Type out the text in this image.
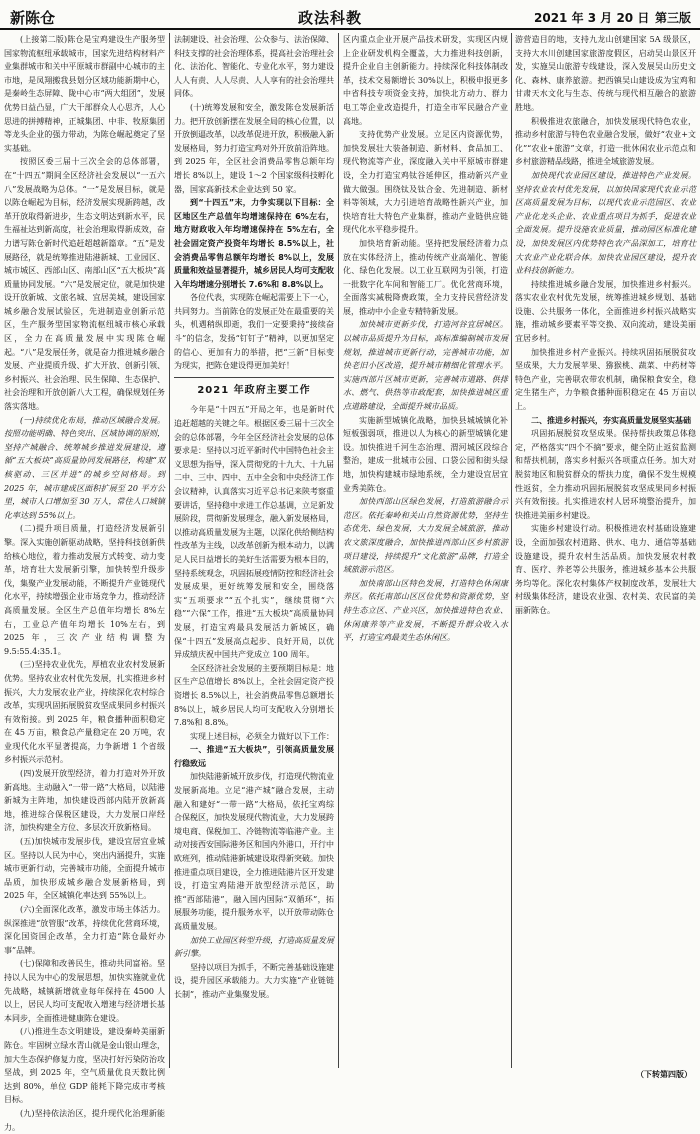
新陈仓	政法科教	2021 年 3 月 20 日 第三版

(上接第二版)陈仓是宝鸡建设生产服务型国家物流枢纽承载城市，国家先进结构材料产业集群城市和关中平原城市群副中心城市的主市地，是凤翔搬我县划分区域功能新期中心，是秦岭生态屏障、陇中心市“两大组团”，发展优势日益凸显，广大干部群众人心思齐，人心思进的拼搏精神，正城集团、中非、牧原集团等龙头企业的强力带动，为陈仓崛起奠定了坚实基础。

按照区委三届十三次全会的总体部署，在“十四五”期间全区经济社会发展以“一五六八”发展战略为总体。“一”是发展目标，就是以陈仓崛起为目标，经济发展实现新跨越，改革开放取得新进步，生态文明达到新水平，民生福祉达到新高度，社会治理取得新成效，奋力谱写陈仓新时代追赶超越新篇章。“五”是发展路径，就是统筹推进陆港新城、工业园区、城市城区、西部山区、南部山区“五大板块”高质量协同发展。“六”是发展定位，就是加快建设开放新城、文旅名城、宜居美城，建设国家城乡融合发展试验区，先进制造业创新示范区，生产服务型国家物流枢纽城市核心承载区，全力在高质量发展中实现陈仓崛起。“八”是发展任务，就是奋力推进城乡融合发展、产业提质升级、扩大开放、创新引领、乡村振兴、社会治理、民生保障、生态保护、社会治理和开放创新八大工程，确保规划任务落实落地。

(一)持续优化布局，推动区域融合发展。按照功能明确、特色突出、区域协调的原则，坚持产城融合、统筹城乡推进发展建设，遵循“五大板块”高质量协同发展路径，构建“双核驱动、三区并进”的城乡空间格局。到 2025 年，城市建成区面积扩展至 20 平方公里，城市人口增加至 30 万人，常住人口城镇化率达到 55%以上。

(二)提升项目质量，打造经济发展新引擎。深入实施创新驱动战略，坚持科技创新供给核心地位，着力推动发展方式转变、动力变革，培育壮大发展新引擎，加快转型升级步伐，集聚产业发展动能，不断提升产业链现代化水平，持续增强企业市场竞争力，推动经济高质量发展。全区生产总值年均增长 8%左右，工业总产值年均增长 10%左右，到 2025 年，三次产业结构调整为 9.5:55.4:35.1。

(三)坚持农业优先，厚植农业农村发展新优势。坚持农业农村优先发展，扎实推进乡村振兴，大力发展农业产业，持续深化农村综合改革，实现巩固拓展脱贫攻坚成果同乡村振兴有效衔接。到 2025 年，粮食播种面积稳定在 45 万亩，粮食总产量稳定在 20 万吨，农业现代化水平显著提高，力争新增 1 个省级乡村振兴示范村。

(四)发展开放型经济，着力打造对外开放新高地。主动融入“一带一路”大格局，以陆港新城为主阵地，加快建设西部内陆开放新高地，推进综合保税区建设，大力发展口岸经济，加快构建全方位、多层次开放新格局。

(五)加快城市发展步伐，建设宜居宜业城区。坚持以人民为中心，突出内涵提升，实施城市更新行动，完善城市功能，全面提升城市品质，加快形成城乡融合发展新格局，到 2025 年，全区城镇化率达到 55%以上。

(六)全面深化改革，激发市场主体活力。纵深推进“放管服”改革，持续优化营商环境，深化国资国企改革，全力打造“陈仓最好办事”品牌。

(七)保障和改善民生，推动共同富裕。坚持以人民为中心的发展思想，加快实施就业优先战略，城镇新增就业每年保持在 4500 人以上，居民人均可支配收入增速与经济增长基本同步，全面推进健康陈仓建设。

(八)推进生态文明建设，建设秦岭美丽新陈仓。牢固树立绿水青山就是金山银山理念，加大生态保护修复力度，坚决打好污染防治攻坚战，到 2025 年，空气质量优良天数比例达到 80%，单位 GDP 能耗下降完成市考核目标。

(九)坚持依法治区，提升现代化治理新能力。

法制建设、社会治理、公众参与、法治保障、科技支撑的社会治理体系，提高社会治理社会化、法治化、智能化、专业化水平，努力建设人人有责、人人尽责、人人享有的社会治理共同体。

(十)统筹发展和安全，激发陈仓发展新活力。把开放创新摆在发展全局的核心位置，以开放倒逼改革，以改革促进开放，积极融入新发展格局，努力打造宝鸡对外开放前沿阵地。到 2025 年，全区社会消费品零售总额年均增长 8%以上，建设 1～2 个国家级科技孵化器，国家高新技术企业达到 50 家。

到“十四五”末，力争实现以下目标：全区地区生产总值年均增速保持在 6%左右，地方财政收入年均增速保持在 5%左右，全社会固定资产投资年均增长 8.5%以上，社会消费品零售总额年均增长 8%以上，发展质量和效益显著提升，城乡居民人均可支配收入年均增速分别增长 7.6%和 8.8%以上。

各位代表，实现陈仓崛起需要上下一心，共同努力。当前陈仓的发展正处在最重要的关头，机遇稍纵即逝，我们一定要秉持“接续奋斗”的信念，发扬“钉钉子”精神，以更加坚定的信心、更加有力的举措，把“三新”目标变为现实，把陈仓建设得更加美好！

2021 年政府主要工作

今年是“十四五”开局之年，也是新时代追赶超越的关键之年。根据区委三届十三次全会的总体部署，今年全区经济社会发展的总体要求是：坚持以习近平新时代中国特色社会主义思想为指导，深入贯彻党的十九大、十九届二中、三中、四中、五中全会和中央经济工作会议精神，认真落实习近平总书记来陕考察重要讲话，坚持稳中求进工作总基调，立足新发展阶段，贯彻新发展理念，融入新发展格局，以推动高质量发展为主题，以深化供给侧结构性改革为主线，以改革创新为根本动力，以满足人民日益增长的美好生活需要为根本目的，坚持系统观念，巩固拓展疫情防控和经济社会发展成果，更好统筹发展和安全，围绕落实“五项要求”“五个扎实”，继续贯彻“六稳”“六保”工作，推进“五大板块”高质量协同发展，打造宝鸡最具发展活力新城区，确保“十四五”发展高点起步、良好开局，以优异成绩庆祝中国共产党成立 100 周年。

全区经济社会发展的主要预期目标是：地区生产总值增长 8%以上，全社会固定资产投资增长 8.5%以上，社会消费品零售总额增长 8%以上，城乡居民人均可支配收入分别增长 7.8%和 8.8%。

实现上述目标，必须全力做好以下工作：

一、推进“五大板块”，引领高质量发展行稳致远

加快陆港新城开放步伐，打造现代物流业发展新高地。立足“港产城”融合发展，主动融入和建好“一带一路”大格局，依托宝鸡综合保税区，加快发展现代物流业，大力发展跨境电商、保税加工、冷链物流等临港产业。主动对接西安国际港务区和国内外港口，开行中欧班列，推动陆港新城建设取得新突破。加快推进重点项目建设，全力推进陆港片区开发建设，打造宝鸡陆港开放型经济示范区，助推“西部陆港”，融入国内国际“双循环”，拓展服务功能，提升服务水平，以开放带动陈仓高质量发展。

加快工业园区转型升级，打造高质量发展新引擎。

坚持以项目为抓手，不断完善基础设施建设，提升园区承载能力。大力实施“产业链链长制”，推动产业集聚发展。

区内重点企业开展产品技术研发，实现区内规上企业研发机构全覆盖，大力推进科技创新，提升企业自主创新能力。持续深化科技体制改革，技术交易额增长 30%以上，积极申报更多中省科技专项资金支持，加快北方动力、群力电工等企业改造提升，打造全市军民融合产业高地。

支持优势产业发展。立足区内资源优势，加快发展壮大装备制造、新材料、食品加工、现代物流等产业，深度融入关中平原城市群建设，全力打造宝鸡钛谷延伸区，推动新兴产业做大做强。围绕钛及钛合金、先进制造、新材料等领域，大力引进培育战略性新兴产业，加快培育壮大特色产业集群，推动产业链供应链现代化水平稳步提升。

加快培育新动能。坚持把发展经济着力点放在实体经济上，推动传统产业高端化、智能化、绿色化发展。以工业互联网为引领，打造一批数字化车间和智能工厂。优化营商环境，全面落实减税降费政策，全力支持民营经济发展，推动中小企业专精特新发展。

加快城市更新步伐，打造河谷宜居城区。以城市品质提升为目标，高标准编制城市发展规划，推进城市更新行动，完善城市功能，加快老旧小区改造，提升城市精细化管理水平。实施西部片区城市更新，完善城市道路、供排水、燃气、供热等市政配套，加快推进城区重点道路建设，全面提升城市品质。

实施新型城镇化战略，加快县城城镇化补短板强弱项，推进以人为核心的新型城镇化建设。加快推进千河生态治理、渭河城区段综合整治，建成一批城市公园、口袋公园和街头绿地，加快构建城市绿地系统，全力建设宜居宜业秀美陈仓。

加快西部山区绿色发展，打造旅游融合示范区。依托秦岭和关山自然资源优势，坚持生态优先、绿色发展，大力发展全域旅游，推动农文旅深度融合，加快推进西部山区乡村旅游项目建设，持续提升“文化旅游”品牌，打造全域旅游示范区。

加快南部山区特色发展，打造特色休闲康养区。依托南部山区区位优势和资源优势，坚持生态立区、产业兴区，加快推进特色农业、休闲康养等产业发展，不断提升群众收入水平，打造宝鸡最美生态休闲区。

游营造目的地，支持九龙山创建国家 5A 级景区，支持大水川创建国家旅游度假区，启动吴山景区开发，实施吴山旅游专线建设，深入发展吴山历史文化、森林、康养旅游。把西镇吴山建设成为宝鸡和甘肃天水文化与生态、传统与现代相互融合的旅游胜地。

积极推进农旅融合，加快发展现代特色农业，推动乡村旅游与特色农业融合发展，做好“农业+文化”“农业+旅游”文章，打造一批休闲农业示范点和乡村旅游精品线路，推进全域旅游发展。

加快现代农业园区建设，推进特色产业发展。坚持农业农村优先发展，以加快国家现代农业示范区高质量发展为目标，以现代农业示范园区、农业产业化龙头企业、农业重点项目为抓手，促进农业全面发展。提升设施农业质量，推动园区标准化建设，加快发展区内优势特色农产品深加工，培育壮大农业产业化联合体。加快农业园区建设，提升农业科技创新能力。

持续推进城乡融合发展，加快推进乡村振兴。落实农业农村优先发展，统筹推进城乡规划、基础设施、公共服务一体化，全面推进乡村振兴战略实施，推动城乡要素平等交换、双向流动，建设美丽宜居乡村。

加快推进乡村产业振兴。持续巩固拓展脱贫攻坚成果，大力发展苹果、猕猴桃、蔬菜、中药材等特色产业，完善联农带农机制，确保粮食安全，稳定生猪生产，力争粮食播种面积稳定在 45 万亩以上。

二、推进乡村振兴，夯实高质量发展坚实基础

巩固拓展脱贫攻坚成果。保持帮扶政策总体稳定，严格落实“四个不摘”要求，健全防止返贫监测和帮扶机制，落实乡村振兴各项重点任务。加大对脱贫地区和脱贫群众的帮扶力度，确保不发生规模性返贫，全力推动巩固拓展脱贫攻坚成果同乡村振兴有效衔接。扎实推进农村人居环境整治提升，加快推进美丽乡村建设。

实施乡村建设行动。积极推进农村基础设施建设，全面加强农村道路、供水、电力、通信等基础设施建设，提升农村生活品质。加快发展农村教育、医疗、养老等公共服务，推进城乡基本公共服务均等化。深化农村集体产权制度改革，发展壮大村级集体经济，建设农业强、农村美、农民富的美丽新陈仓。

（下转第四版）
